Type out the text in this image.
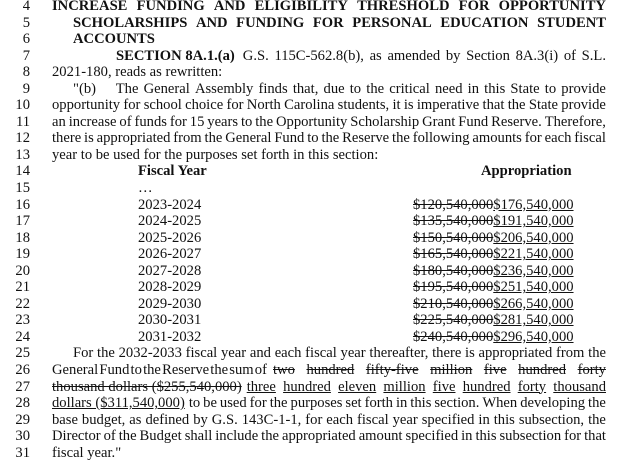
4 INCREASE FUNDING AND ELIGIBILITY THRESHOLD FOR OPPORTUNITY
5	SCHOLARSHIPS AND FUNDING FOR PERSONAL EDUCATION STUDENT
6	ACCOUNTS
7	SECTION 8A.1.(a) G.S. 115C-562.8(b), as amended by Section 8A.3(i) of S.L.
8 2021-180, reads as rewritten:
9	"(b)  The General Assembly finds that, due to the critical need in this State to provide
10 opportunity for school choice for North Carolina students, it is imperative that the State provide
11 an increase of funds for 15 years to the Opportunity Scholarship Grant Fund Reserve. Therefore,
12 there is appropriated from the General Fund to the Reserve the following amounts for each fiscal
13 year to be used for the purposes set forth in this section:
14	Fiscal Year	Appropriation
15	…
16	2023-2024	$120,540,000$176,540,000
17	2024-2025	$135,540,000$191,540,000
18	2025-2026	$150,540,000$206,540,000
19	2026-2027	$165,540,000$221,540,000
20	2027-2028	$180,540,000$236,540,000
21	2028-2029	$195,540,000$251,540,000
22	2029-2030	$210,540,000$266,540,000
23	2030-2031	$225,540,000$281,540,000
24	2031-2032	$240,540,000$296,540,000
25	For the 2032-2033 fiscal year and each fiscal year thereafter, there is appropriated from the
26 General Fund to the Reserve the sum of two hundred fifty-five million five hundred forty
27 thousand dollars ($255,540,000) three hundred eleven million five hundred forty thousand
28 dollars ($311,540,000) to be used for the purposes set forth in this section. When developing the
29 base budget, as defined by G.S. 143C-1-1, for each fiscal year specified in this subsection, the
30 Director of the Budget shall include the appropriated amount specified in this subsection for that
31 fiscal year."
